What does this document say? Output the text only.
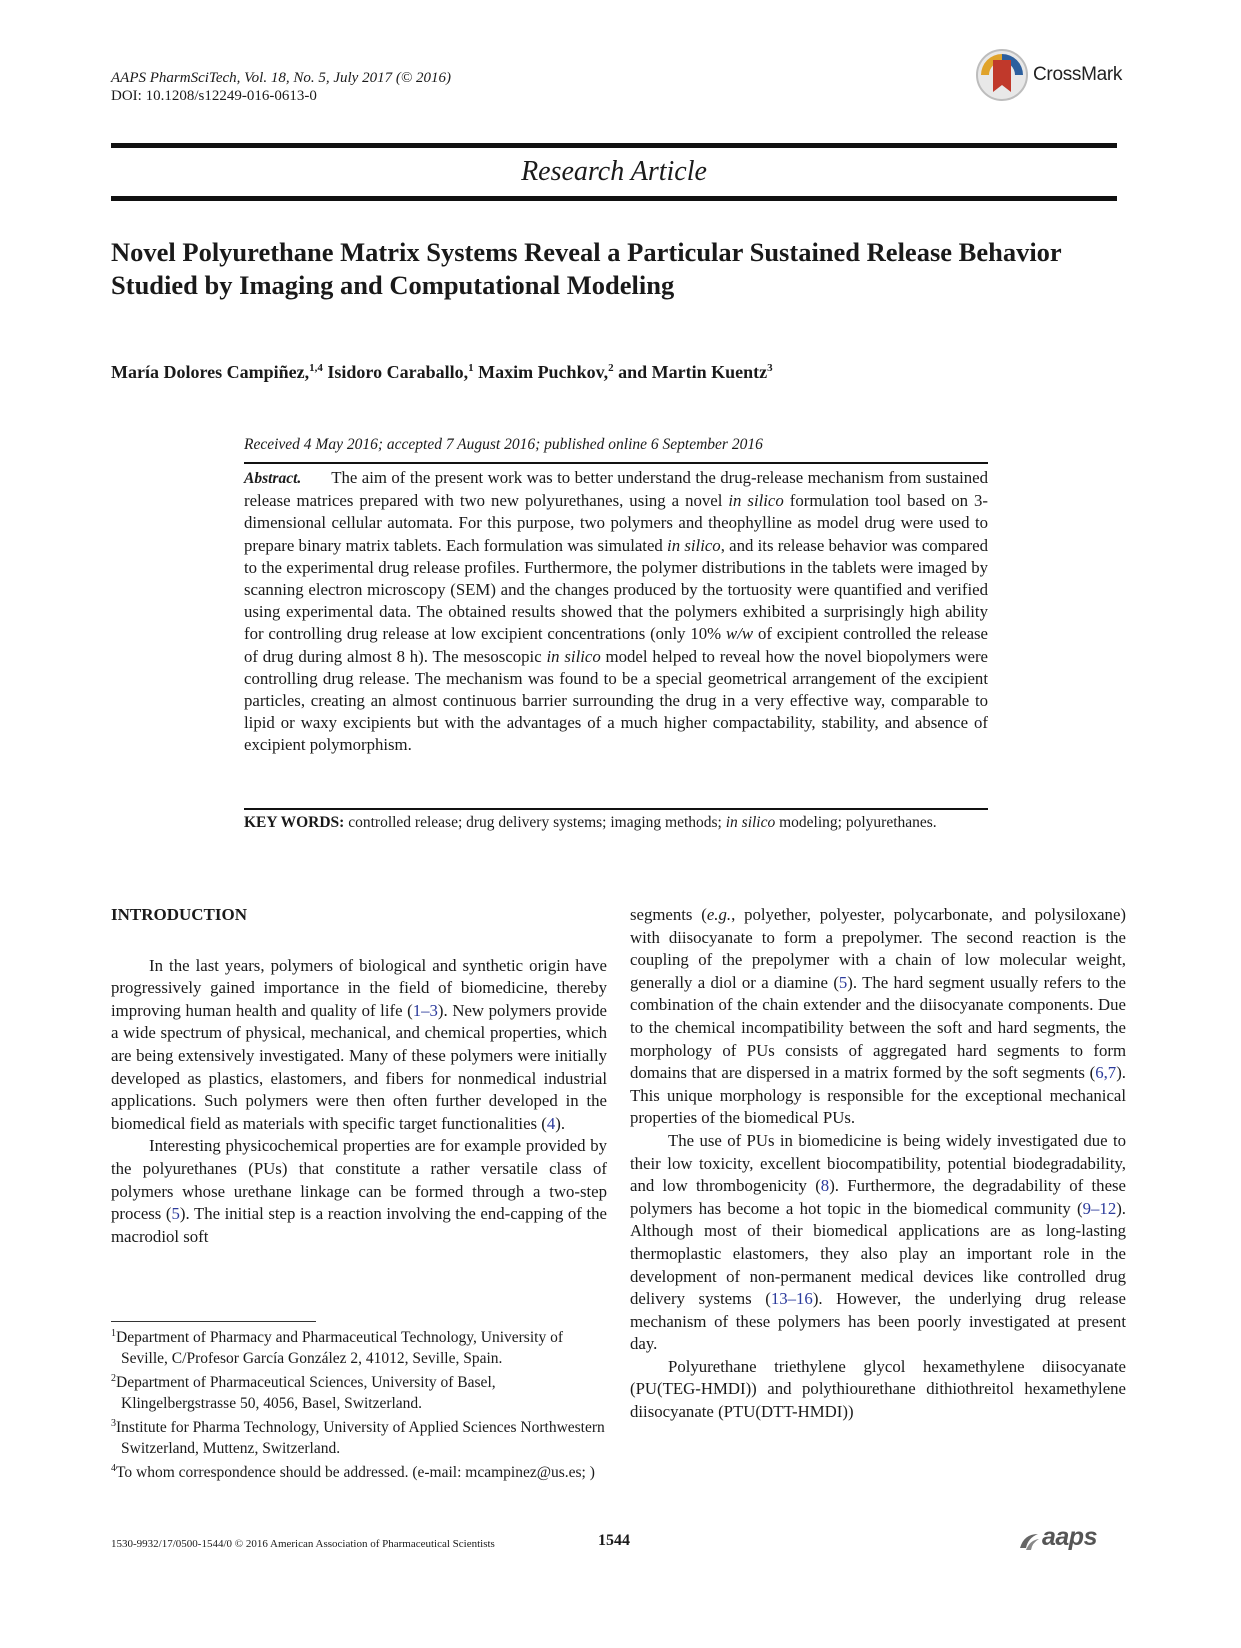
AAPS PharmSciTech, Vol. 18, No. 5, July 2017 (© 2016)
DOI: 10.1208/s12249-016-0613-0
CrossMark
Research Article
Novel Polyurethane Matrix Systems Reveal a Particular Sustained Release Behavior Studied by Imaging and Computational Modeling
María Dolores Campiñez,$^{1,4}$ Isidoro Caraballo,$^1$ Maxim Puchkov,$^2$ and Martin Kuentz$^3$
Received 4 May 2016; accepted 7 August 2016; published online 6 September 2016
Abstract. The aim of the present work was to better understand the drug-release mechanism from sustained release matrices prepared with two new polyurethanes, using a novel in silico formulation tool based on 3-dimensional cellular automata. For this purpose, two polymers and theophylline as model drug were used to prepare binary matrix tablets. Each formulation was simulated in silico, and its release behavior was compared to the experimental drug release profiles. Furthermore, the polymer distributions in the tablets were imaged by scanning electron microscopy (SEM) and the changes produced by the tortuosity were quantified and verified using experimental data. The obtained results showed that the polymers exhibited a surprisingly high ability for controlling drug release at low excipient concentrations (only 10% w/w of excipient controlled the release of drug during almost 8 h). The mesoscopic in silico model helped to reveal how the novel biopolymers were controlling drug release. The mechanism was found to be a special geometrical arrangement of the excipient particles, creating an almost continuous barrier surrounding the drug in a very effective way, comparable to lipid or waxy excipients but with the advantages of a much higher compactability, stability, and absence of excipient polymorphism.
KEY WORDS: controlled release; drug delivery systems; imaging methods; in silico modeling; polyurethanes.
INTRODUCTION

In the last years, polymers of biological and synthetic origin have progressively gained importance in the field of biomedicine, thereby improving human health and quality of life (1–3). New polymers provide a wide spectrum of physical, mechanical, and chemical properties, which are being extensively investigated. Many of these polymers were initially developed as plastics, elastomers, and fibers for nonmedical industrial applications. Such polymers were then often further developed in the biomedical field as materials with specific target functionalities (4).

Interesting physicochemical properties are for example provided by the polyurethanes (PUs) that constitute a rather versatile class of polymers whose urethane linkage can be formed through a two-step process (5). The initial step is a reaction involving the end-capping of the macrodiol soft

segments (e.g., polyether, polyester, polycarbonate, and polysiloxane) with diisocyanate to form a prepolymer. The second reaction is the coupling of the prepolymer with a chain of low molecular weight, generally a diol or a diamine (5). The hard segment usually refers to the combination of the chain extender and the diisocyanate components. Due to the chemical incompatibility between the soft and hard segments, the morphology of PUs consists of aggregated hard segments to form domains that are dispersed in a matrix formed by the soft segments (6,7). This unique morphology is responsible for the exceptional mechanical properties of the biomedical PUs.

The use of PUs in biomedicine is being widely investigated due to their low toxicity, excellent biocompatibility, potential biodegradability, and low thrombogenicity (8). Furthermore, the degradability of these polymers has become a hot topic in the biomedical community (9–12). Although most of their biomedical applications are as long-lasting thermoplastic elastomers, they also play an important role in the development of non-permanent medical devices like controlled drug delivery systems (13–16). However, the underlying drug release mechanism of these polymers has been poorly investigated at present day.

Polyurethane triethylene glycol hexamethylene diisocyanate (PU(TEG-HMDI)) and polythiourethane dithiothreitol hexamethylene diisocyanate (PTU(DTT-HMDI))

$^1$Department of Pharmacy and Pharmaceutical Technology, University of Seville, C/Profesor García González 2, 41012, Seville, Spain.
$^2$Department of Pharmaceutical Sciences, University of Basel, Klingelbergstrasse 50, 4056, Basel, Switzerland.
$^3$Institute for Pharma Technology, University of Applied Sciences Northwestern Switzerland, Muttenz, Switzerland.
$^4$To whom correspondence should be addressed. (e-mail: mcampinez@us.es; )
1530-9932/17/0500-1544/0 © 2016 American Association of Pharmaceutical Scientists	1544	aaps
